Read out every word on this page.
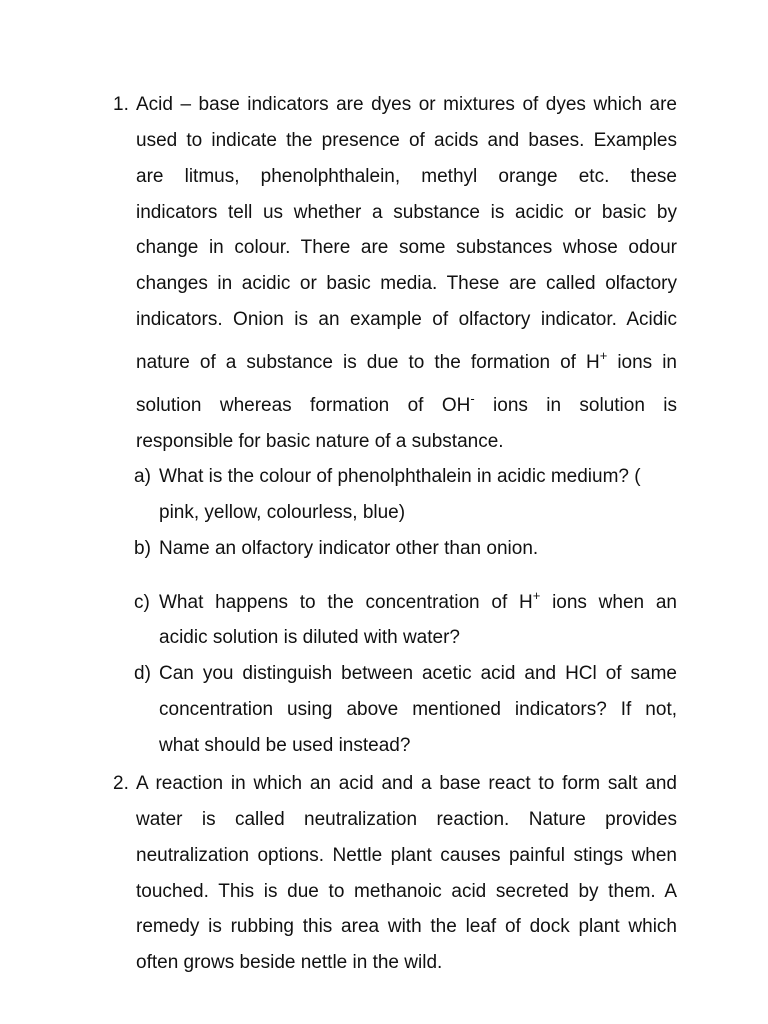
1. Acid – base indicators are dyes or mixtures of dyes which are
used to indicate the presence of acids and bases. Examples
are litmus, phenolphthalein, methyl orange etc. these
indicators tell us whether a substance is acidic or basic by
change in colour. There are some substances whose odour
changes in acidic or basic media. These are called olfactory
indicators. Onion is an example of olfactory indicator. Acidic
nature of a substance is due to the formation of H+ ions in
solution whereas formation of OH- ions in solution is
responsible for basic nature of a substance.
a) What is the colour of phenolphthalein in acidic medium? (
pink, yellow, colourless, blue)
b) Name an olfactory indicator other than onion.
c) What happens to the concentration of H+ ions when an
acidic solution is diluted with water?
d) Can you distinguish between acetic acid and HCl of same
concentration using above mentioned indicators? If not,
what should be used instead?
2. A reaction in which an acid and a base react to form salt and
water is called neutralization reaction. Nature provides
neutralization options. Nettle plant causes painful stings when
touched. This is due to methanoic acid secreted by them. A
remedy is rubbing this area with the leaf of dock plant which
often grows beside nettle in the wild.
